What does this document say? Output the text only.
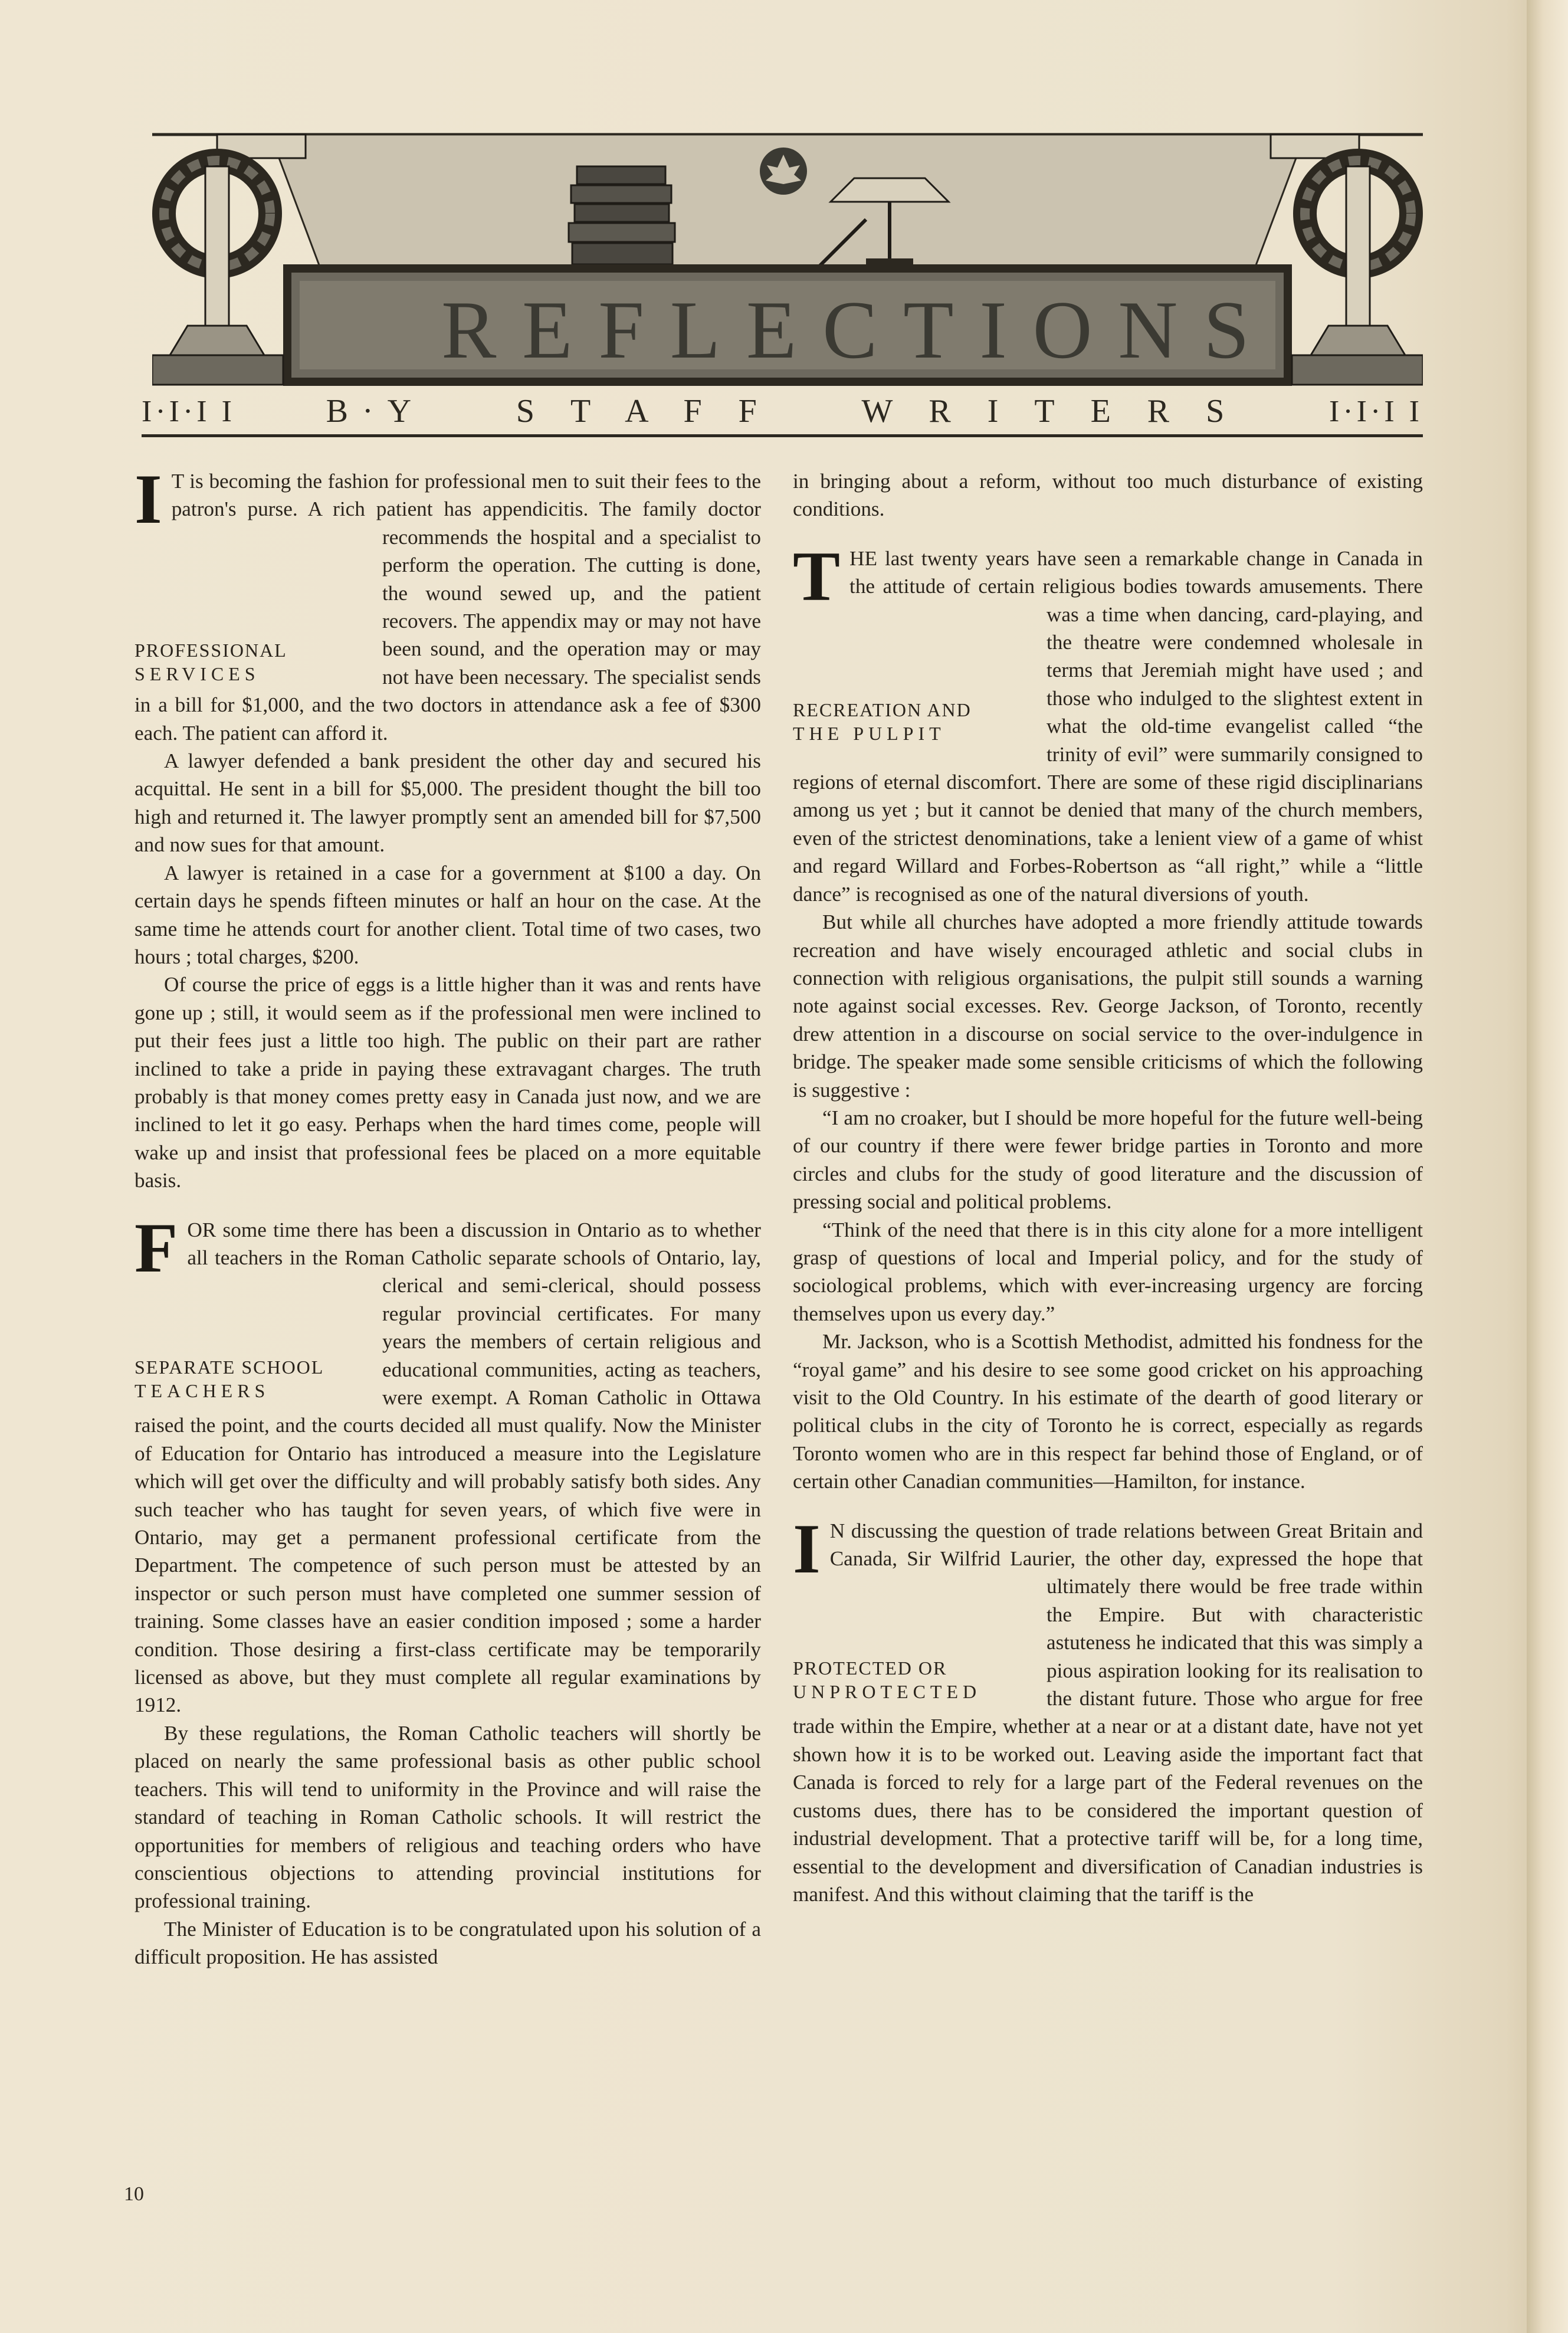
R E F L E C T I O N S
I·I·I I	B·Y	S T A F F	W R I T E R S	I·I·I I
I
PROFESSIONAL
SERVICES

T is becoming the fashion for professional men to suit their fees to the patron's purse. A rich patient has appendicitis. The family doctor recommends the hospital and a specialist to perform the operation. The cutting is done, the wound sewed up, and the patient recovers. The appendix may or may not have been sound, and the operation may or may not have been necessary. The specialist sends in a bill for $1,000, and the two doctors in attendance ask a fee of $300 each. The patient can afford it.

A lawyer defended a bank president the other day and secured his acquittal. He sent in a bill for $5,000. The president thought the bill too high and returned it. The lawyer promptly sent an amended bill for $7,500 and now sues for that amount.

A lawyer is retained in a case for a government at $100 a day. On certain days he spends fifteen minutes or half an hour on the case. At the same time he attends court for another client. Total time of two cases, two hours ; total charges, $200.

Of course the price of eggs is a little higher than it was and rents have gone up ; still, it would seem as if the professional men were inclined to put their fees just a little too high. The public on their part are rather inclined to take a pride in paying these extravagant charges. The truth probably is that money comes pretty easy in Canada just now, and we are inclined to let it go easy. Perhaps when the hard times come, people will wake up and insist that professional fees be placed on a more equitable basis.

F
SEPARATE SCHOOL
TEACHERS

OR some time there has been a discussion in Ontario as to whether all teachers in the Roman Catholic separate schools of Ontario, lay, clerical and semi-clerical, should possess regular provincial certificates. For many years the members of certain religious and educational communities, acting as teachers, were exempt. A Roman Catholic in Ottawa raised the point, and the courts decided all must qualify. Now the Minister of Education for Ontario has introduced a measure into the Legislature which will get over the difficulty and will probably satisfy both sides. Any such teacher who has taught for seven years, of which five were in Ontario, may get a permanent professional certificate from the Department. The competence of such person must be attested by an inspector or such person must have completed one summer session of training. Some classes have an easier condition imposed ; some a harder condition. Those desiring a first-class certificate may be temporarily licensed as above, but they must complete all regular examinations by 1912.

By these regulations, the Roman Catholic teachers will shortly be placed on nearly the same professional basis as other public school teachers. This will tend to uniformity in the Province and will raise the standard of teaching in Roman Catholic schools. It will restrict the opportunities for members of religious and teaching orders who have conscientious objections to attending provincial institutions for professional training.

The Minister of Education is to be congratulated upon his solution of a difficult proposition. He has assisted

in bringing about a reform, without too much disturbance of existing conditions.

T
RECREATION AND
THE PULPIT

HE last twenty years have seen a remarkable change in Canada in the attitude of certain religious bodies towards amusements. There was a time when dancing, card-playing, and the theatre were condemned wholesale in terms that Jeremiah might have used ; and those who indulged to the slightest extent in what the old-time evangelist called “the trinity of evil” were summarily consigned to regions of eternal discomfort. There are some of these rigid disciplinarians among us yet ; but it cannot be denied that many of the church members, even of the strictest denominations, take a lenient view of a game of whist and regard Willard and Forbes-Robertson as “all right,” while a “little dance” is recognised as one of the natural diversions of youth.

But while all churches have adopted a more friendly attitude towards recreation and have wisely encouraged athletic and social clubs in connection with religious organisations, the pulpit still sounds a warning note against social excesses. Rev. George Jackson, of Toronto, recently drew attention in a discourse on social service to the over-indulgence in bridge. The speaker made some sensible criticisms of which the following is suggestive :

“I am no croaker, but I should be more hopeful for the future well-being of our country if there were fewer bridge parties in Toronto and more circles and clubs for the study of good literature and the discussion of pressing social and political problems.

“Think of the need that there is in this city alone for a more intelligent grasp of questions of local and Imperial policy, and for the study of sociological problems, which with ever-increasing urgency are forcing themselves upon us every day.”

Mr. Jackson, who is a Scottish Methodist, admitted his fondness for the “royal game” and his desire to see some good cricket on his approaching visit to the Old Country. In his estimate of the dearth of good literary or political clubs in the city of Toronto he is correct, especially as regards Toronto women who are in this respect far behind those of England, or of certain other Canadian communities—Hamilton, for instance.

I
PROTECTED OR
UNPROTECTED

N discussing the question of trade relations between Great Britain and Canada, Sir Wilfrid Laurier, the other day, expressed the hope that ultimately there would be free trade within the Empire. But with characteristic astuteness he indicated that this was simply a pious aspiration looking for its realisation to the distant future. Those who argue for free trade within the Empire, whether at a near or at a distant date, have not yet shown how it is to be worked out. Leaving aside the important fact that Canada is forced to rely for a large part of the Federal revenues on the customs dues, there has to be considered the important question of industrial development. That a protective tariff will be, for a long time, essential to the development and diversification of Canadian industries is manifest. And this without claiming that the tariff is the

10
